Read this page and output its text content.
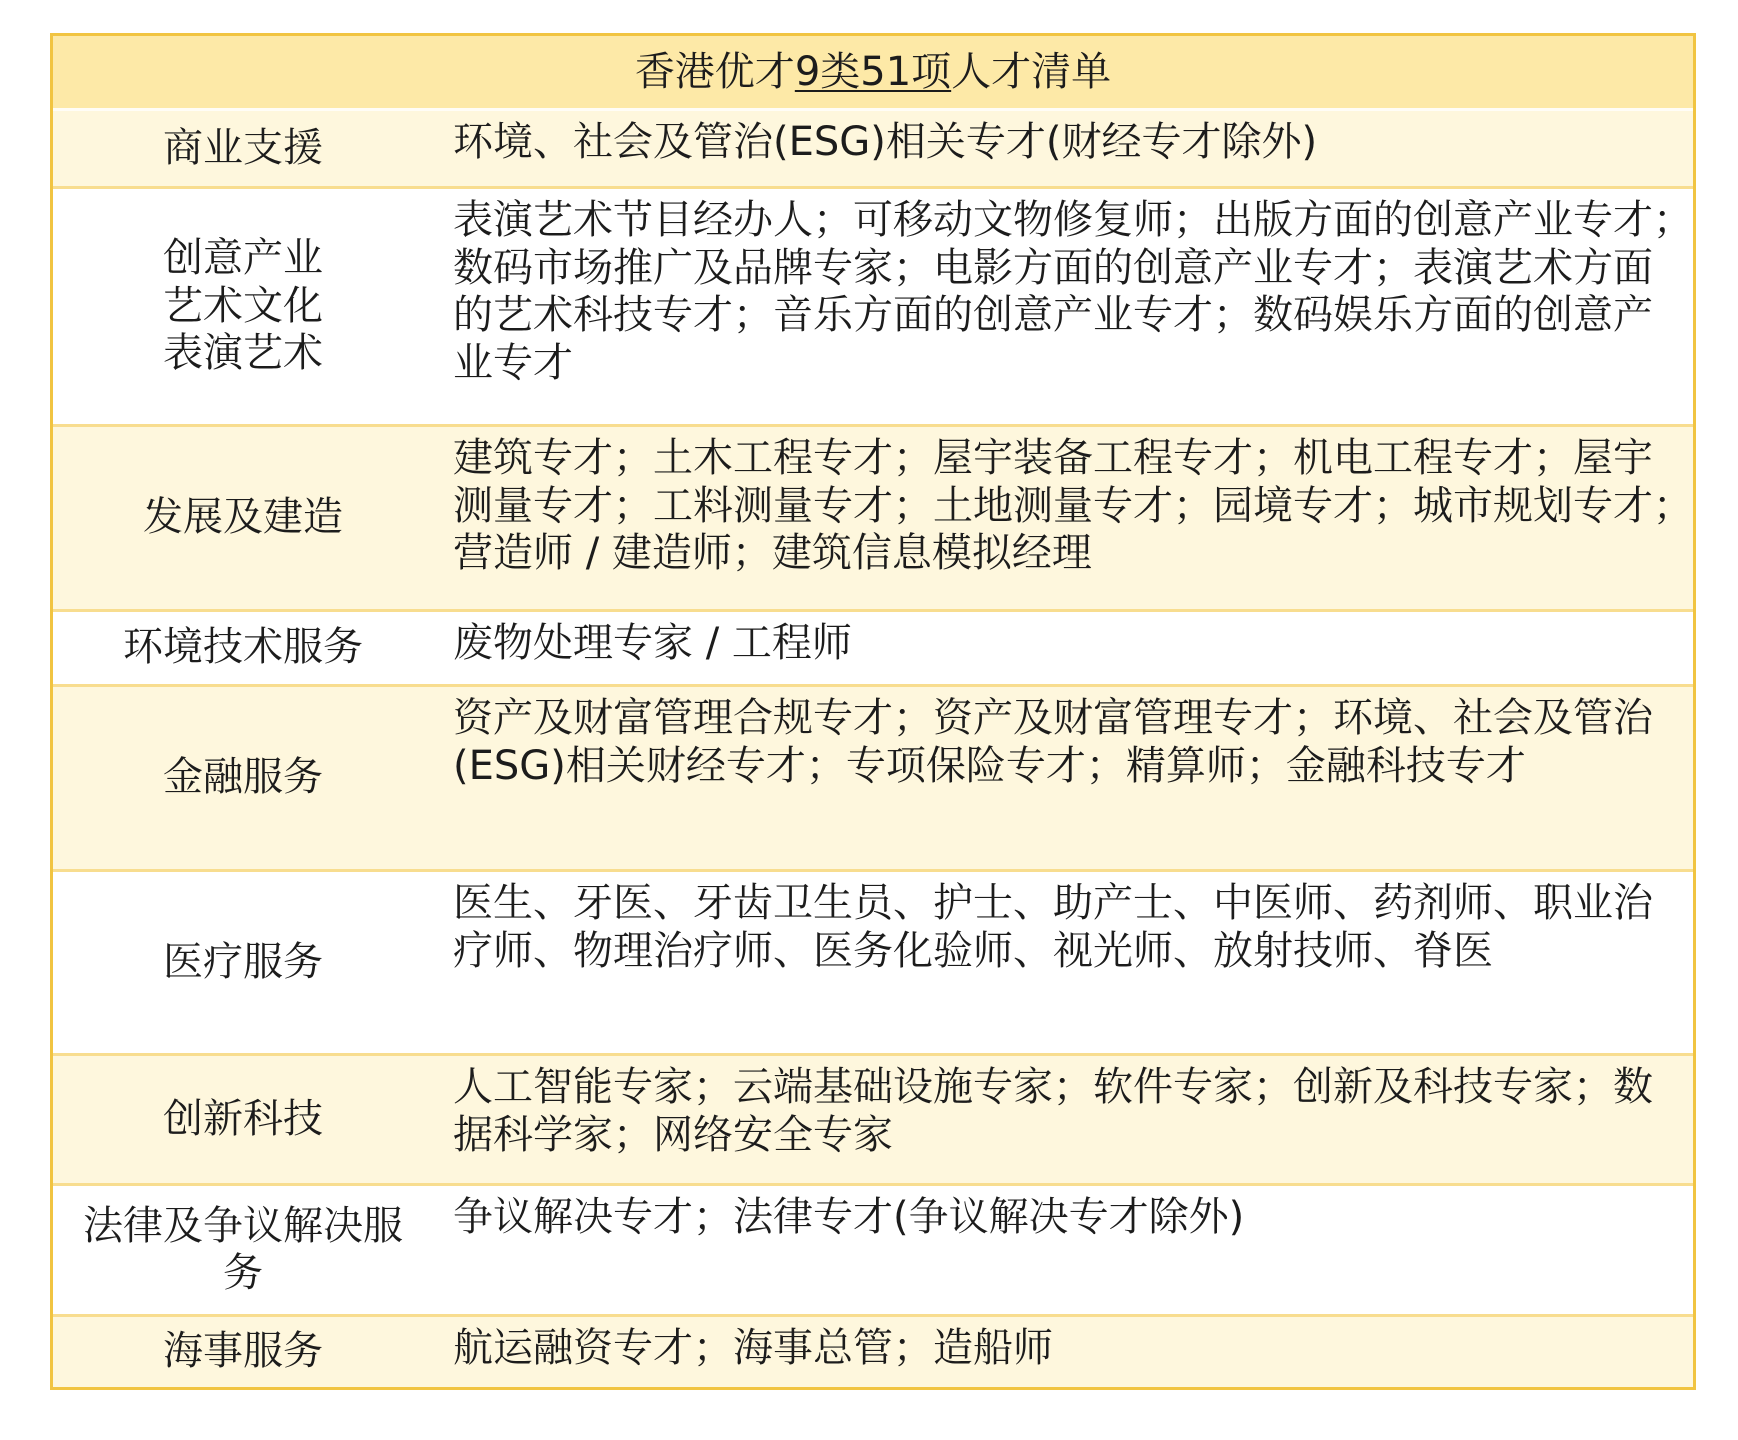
香港优才 9类51项 人才清单
商业支援	环境、社会及管治(ESG)相关专才(财经专才除外)
创意产业
艺术文化
表演艺术
表演艺术节目经办人；可移动文物修复师；出版方面的创意产业专才；
数码市场推广及品牌专家；电影方面的创意产业专才；表演艺术方面
的艺术科技专才；音乐方面的创意产业专才；数码娱乐方面的创意产
业专才
发展及建造
建筑专才；土木工程专才；屋宇装备工程专才；机电工程专才；屋宇
测量专才；工料测量专才；土地测量专才；园境专才；城市规划专才；
营造师 / 建造师；建筑信息模拟经理
环境技术服务 废物处理专家 / 工程师
金融服务
资产及财富管理合规专才；资产及财富管理专才；环境、社会及管治
(ESG)相关财经专才；专项保险专才；精算师；金融科技专才
医疗服务
医生、牙医、牙齿卫生员、护士、助产士、中医师、药剂师、职业治
疗师、物理治疗师、医务化验师、视光师、放射技师、脊医
创新科技
人工智能专家；云端基础设施专家；软件专家；创新及科技专家；数
据科学家；网络安全专家
法律及争议解决服
务
争议解决专才；法律专才(争议解决专才除外)
海事服务	航运融资专才；海事总管；造船师
